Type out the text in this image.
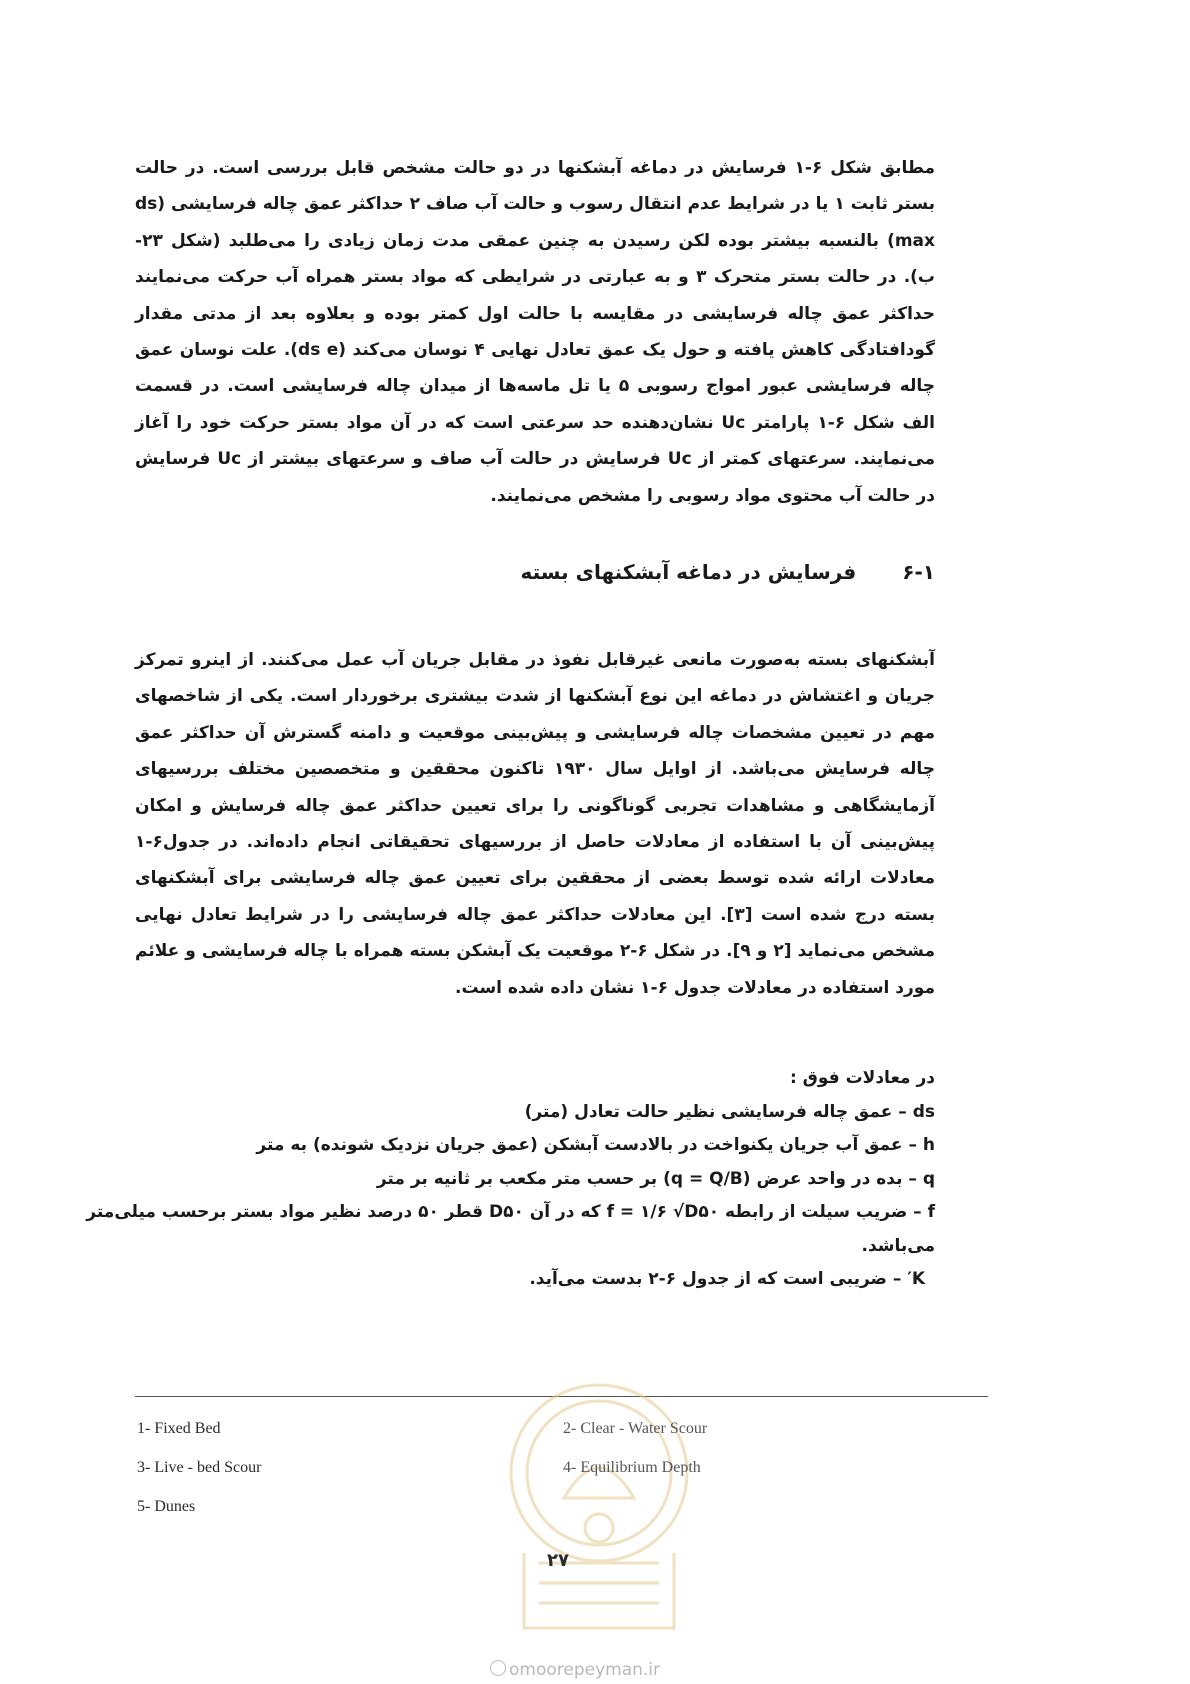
مطابق شکل ۶-۱ فرسایش در دماغه آبشکنها در دو حالت مشخص قابل بررسی است. در حالت بستر ثابت ۱ یا در شرایط عدم انتقال رسوب و حالت آب صاف ۲ حداکثر عمق چاله فرسایشی (ds max) بالنسبه بیشتر بوده لکن رسیدن به چنین عمقی مدت زمان زیادی را می‌طلبد (شکل ۲۳- ب). در حالت بستر متحرک ۳ و به عبارتی در شرایطی که مواد بستر همراه آب حرکت می‌نمایند حداکثر عمق چاله فرسایشی در مقایسه با حالت اول کمتر بوده و بعلاوه بعد از مدتی مقدار گودافتادگی کاهش یافته و حول یک عمق تعادل نهایی ۴ نوسان می‌کند (ds e). علت نوسان عمق چاله فرسایشی عبور امواج رسوبی ۵ یا تل ماسه‌ها از میدان چاله فرسایشی است. در قسمت الف شکل ۶-۱ پارامتر Uc نشان‌دهنده حد سرعتی است که در آن مواد بستر حرکت خود را آغاز می‌نمایند. سرعتهای کمتر از Uc فرسایش در حالت آب صاف و سرعتهای بیشتر از Uc فرسایش در حالت آب محتوی مواد رسوبی را مشخص می‌نمایند.

۶-۱فرسایش در دماغه آبشکنهای بسته

آبشکنهای بسته به‌صورت مانعی غیرقابل نفوذ در مقابل جریان آب عمل می‌کنند. از اینرو تمرکز جریان و اغتشاش در دماغه این نوع آبشکنها از شدت بیشتری برخوردار است. یکی از شاخصهای مهم در تعیین مشخصات چاله فرسایشی و پیش‌بینی موقعیت و دامنه گسترش آن حداکثر عمق چاله فرسایش می‌باشد. از اوایل سال ۱۹۳۰ تاکنون محققین و متخصصین مختلف بررسیهای آزمایشگاهی و مشاهدات تجربی گوناگونی را برای تعیین حداکثر عمق چاله فرسایش و امکان پیش‌بینی آن با استفاده از معادلات حاصل از بررسیهای تحقیقاتی انجام داده‌اند. در جدول۶-۱ معادلات ارائه شده توسط بعضی از محققین برای تعیین عمق چاله فرسایشی برای آبشکنهای بسته درج شده است [۳]. این معادلات حداکثر عمق چاله فرسایشی را در شرایط تعادل نهایی مشخص می‌نماید [۲ و ۹]. در شکل ۶-۲ موقعیت یک آبشکن بسته همراه با چاله فرسایشی و علائم مورد استفاده در معادلات جدول ۶-۱ نشان داده شده است.

در معادلات فوق :
ds – عمق چاله فرسایشی نظیر حالت تعادل (متر)
h – عمق آب جریان یکنواخت در بالادست آبشکن (عمق جریان نزدیک شونده) به متر
q – بده در واحد عرض (q = Q/B) بر حسب متر مکعب بر ثانیه بر متر
f – ضریب سیلت از رابطه f = ۱/۶ √D۵۰ که در آن D۵۰ قطر ۵۰ درصد نظیر مواد بستر برحسب میلی‌متر
می‌باشد.
K′ – ضریبی است که از جدول ۶-۲ بدست می‌آید.
1- Fixed Bed	2- Clear - Water Scour
3- Live - bed Scour	4- Equilibrium Depth
5- Dunes
۲۷
omoorepeyman.ir
